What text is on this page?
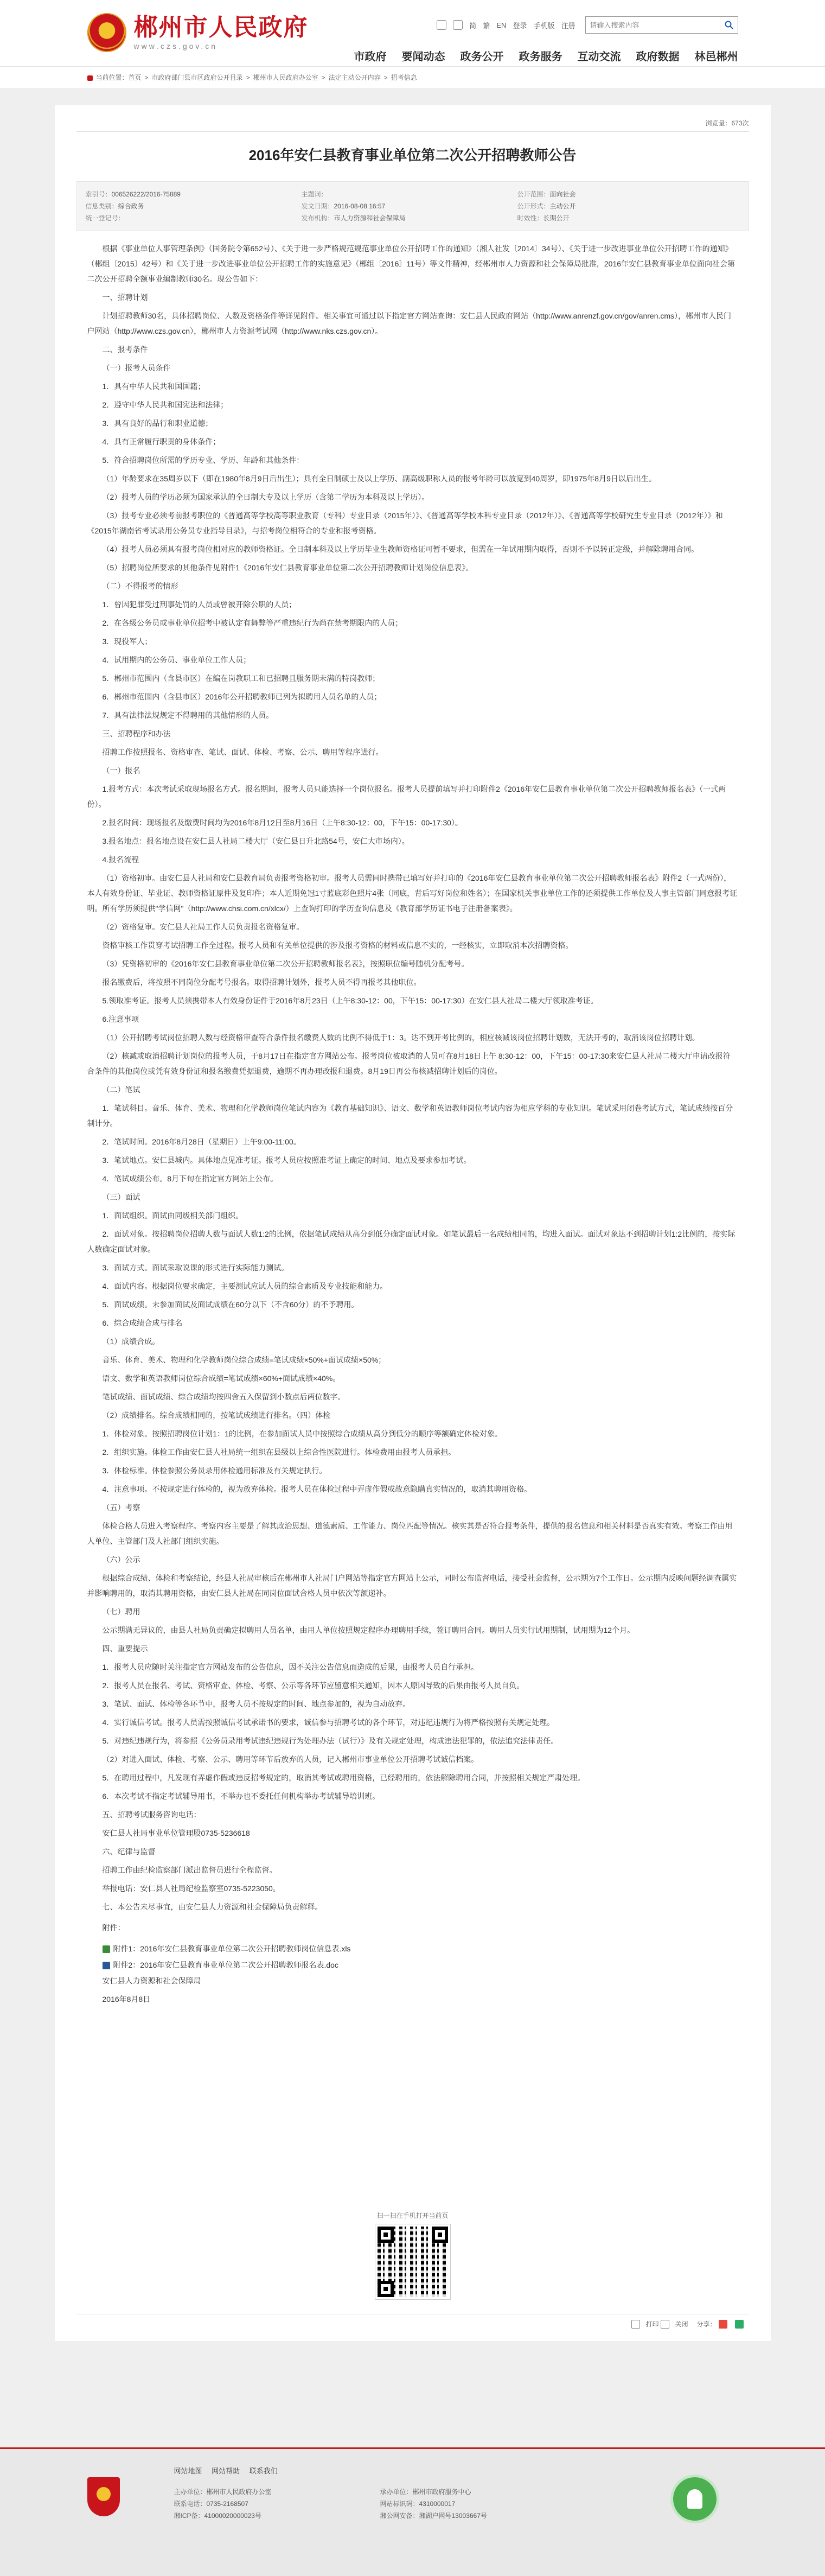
郴州市人民政府
www.czs.gov.cn
简 繁 EN 登录 手机版 注册
请输入搜索内容
市政府 要闻动态 政务公开 政务服务 互动交流 政府数据 林邑郴州
当前位置：首页 > 市政府部门县市区政府公开目录 > 郴州市人民政府办公室 > 法定主动公开内容 > 招考信息
浏览量：673次
2016年安仁县教育事业单位第二次公开招聘教师公告
索引号：006526222/2016-75889	主题词：	公开范围：面向社会
信息类别：综合政务	发文日期：2016-08-08 16:57	公开形式：主动公开
统一登记号：	发布机构：市人力资源和社会保障局	时效性：长期公开

根据《事业单位人事管理条例》（国务院令第652号）、《关于进一步严格规范规范事业单位公开招聘工作的通知》（湘人社发〔2014〕34号）、《关于进一步改进事业单位公开招聘工作的通知》（郴组〔2015〕42号）和《关于进一步改进事业单位公开招聘工作的实施意见》（郴组〔2016〕11号）等文件精神，经郴州市人力资源和社会保障局批准，2016年安仁县教育事业单位面向社会第二次公开招聘全额事业编制教师30名。现公告如下：

一、招聘计划

计划招聘教师30名，具体招聘岗位、人数及资格条件等详见附件。相关事宜可通过以下指定官方网站查询：安仁县人民政府网站（http://www.anrenzf.gov.cn/gov/anren.cms），郴州市人民门户网站（http://www.czs.gov.cn），郴州市人力资源考试网（http://www.nks.czs.gov.cn）。

二、报考条件

（一）报考人员条件

1．具有中华人民共和国国籍；

2．遵守中华人民共和国宪法和法律；

3．具有良好的品行和职业道德；

4．具有正常履行职责的身体条件；

5．符合招聘岗位所需的学历专业、学历、年龄和其他条件：

（1）年龄要求在35周岁以下（即在1980年8月9日后出生）；具有全日制硕士及以上学历、副高级职称人员的报考年龄可以放宽到40周岁，即1975年8月9日以后出生。

（2）报考人员的学历必须为国家承认的全日制大专及以上学历（含第二学历为本科及以上学历）。

（3）报考专业必须考前报考职位的《普通高等学校高等职业教育（专科）专业目录（2015年）》、《普通高等学校本科专业目录（2012年）》、《普通高等学校研究生专业目录（2012年）》和《2015年湖南省考试录用公务员专业指导目录》，与招考岗位相符合的专业和报考资格。

（4）报考人员必须具有报考岗位相对应的教师资格证。全日制本科及以上学历毕业生教师资格证可暂不要求，但需在一年试用期内取得，否则不予以转正定级，并解除聘用合同。

（5）招聘岗位所要求的其他条件见附件1《2016年安仁县教育事业单位第二次公开招聘教师计划岗位信息表》。

（二）不得报考的情形

1．曾因犯罪受过刑事处罚的人员或曾被开除公职的人员；

2．在各级公务员或事业单位招考中被认定有舞弊等严重违纪行为尚在禁考期限内的人员；

3．现役军人；

4．试用期内的公务员、事业单位工作人员；

5．郴州市范围内（含县市区）在编在岗教职工和已招聘且服务期未满的特岗教师；

6．郴州市范围内（含县市区）2016年公开招聘教师已列为拟聘用人员名单的人员；

7．具有法律法规规定不得聘用的其他情形的人员。

三、招聘程序和办法

招聘工作按照报名、资格审查、笔试、面试、体检、考察、公示、聘用等程序进行。

（一）报名

1.报考方式：本次考试采取现场报名方式。报名期间，报考人员只能选择一个岗位报名。报考人员提前填写并打印附件2《2016年安仁县教育事业单位第二次公开招聘教师报名表》（一式两份）。

2.报名时间：现场报名及缴费时间均为2016年8月12日至8月16日（上午8:30-12：00，下午15：00-17:30）。

3.报名地点：报名地点设在安仁县人社局二楼大厅（安仁县日升北路54号，安仁大市场内）。

4.报名流程

（1）资格初审。由安仁县人社局和安仁县教育局负责报考资格初审。报考人员需同时携带已填写好并打印的《2016年安仁县教育事业单位第二次公开招聘教师报名表》附件2（一式两份），本人有效身份证、毕业证、教师资格证原件及复印件；本人近期免冠1寸蓝底彩色照片4张（同底，背后写好岗位和姓名）；在国家机关事业单位工作的还须提供工作单位及人事主管部门同意报考证明。所有学历须提供"学信网"（http://www.chsi.com.cn/xlcx/）上查询打印的学历查询信息及《教育部学历证书电子注册备案表》。

（2）资格复审。安仁县人社局工作人员负责报名资格复审。

资格审核工作贯穿考试招聘工作全过程。报考人员和有关单位提供的涉及报考资格的材料或信息不实的，一经核实，立即取消本次招聘资格。

（3）凭资格初审的《2016年安仁县教育事业单位第二次公开招聘教师报名表》，按照职位编号随机分配考号。

报名缴费后，将按照不同岗位分配考号报名。取得招聘计划外，报考人员不得再报考其他职位。

5.领取准考证。报考人员须携带本人有效身份证件于2016年8月23日（上午8:30-12：00，下午15：00-17:30）在安仁县人社局二楼大厅领取准考证。

6.注意事项

（1）公开招聘考试岗位招聘人数与经资格审查符合条件报名缴费人数的比例不得低于1：3。达不到开考比例的，相应核减该岗位招聘计划数，无法开考的，取消该岗位招聘计划。

（2）核减或取消招聘计划岗位的报考人员，于8月17日在指定官方网站公布。报考岗位被取消的人员可在8月18日上午 8:30-12：00，下午15：00-17:30来安仁县人社局二楼大厅申请改报符合条件的其他岗位或凭有效身份证和报名缴费凭据退费，逾期不再办理改报和退费。8月19日再公布核减招聘计划后的岗位。

（二）笔试

1．笔试科目。音乐、体育、美术、物理和化学教师岗位笔试内容为《教育基础知识》、语文、数学和英语教师岗位考试内容为相应学科的专业知识。笔试采用闭卷考试方式，笔试成绩按百分制计分。

2．笔试时间。2016年8月28日（星期日）上午9:00-11:00。

3．笔试地点。安仁县城内。具体地点见准考证。报考人员应按照准考证上确定的时间、地点及要求参加考试。

4．笔试成绩公布。8月下旬在指定官方网站上公布。

（三）面试

1．面试组织。面试由同级相关部门组织。

2．面试对象。按招聘岗位招聘人数与面试人数1:2的比例，依据笔试成绩从高分到低分确定面试对象。如笔试最后一名成绩相同的，均进入面试。面试对象达不到招聘计划1:2比例的，按实际人数确定面试对象。

3．面试方式。面试采取说课的形式进行实际能力测试。

4．面试内容。根据岗位要求确定，主要测试应试人员的综合素质及专业技能和能力。

5．面试成绩。未参加面试及面试成绩在60分以下（不含60分）的不予聘用。

6．综合成绩合成与排名

（1）成绩合成。

音乐、体育、美术、物理和化学教师岗位综合成绩=笔试成绩×50%+面试成绩×50%；

语文、数学和英语教师岗位综合成绩=笔试成绩×60%+面试成绩×40%。

笔试成绩、面试成绩、综合成绩均按四舍五入保留到小数点后两位数字。

（2）成绩排名。综合成绩相同的，按笔试成绩进行排名。（四）体检

1．体检对象。按照招聘岗位计划1：1的比例，在参加面试人员中按照综合成绩从高分到低分的顺序等额确定体检对象。

2．组织实施。体检工作由安仁县人社局统一组织在县级以上综合性医院进行。体检费用由报考人员承担。

3．体检标准。体检参照公务员录用体检通用标准及有关规定执行。

4．注意事项。不按规定进行体检的，视为放弃体检。报考人员在体检过程中弄虚作假或故意隐瞒真实情况的，取消其聘用资格。

（五）考察

体检合格人员进入考察程序。考察内容主要是了解其政治思想、道德素质、工作能力、岗位匹配等情况。核实其是否符合报考条件，提供的报名信息和相关材料是否真实有效。考察工作由用人单位、主管部门及人社部门组织实施。

（六）公示

根据综合成绩、体检和考察结论，经县人社局审核后在郴州市人社局门户网站等指定官方网站上公示，同时公布监督电话，接受社会监督，公示期为7个工作日。公示期内反映问题经调查属实并影响聘用的，取消其聘用资格，由安仁县人社局在同岗位面试合格人员中依次等额递补。

（七）聘用

公示期满无异议的，由县人社局负责确定拟聘用人员名单，由用人单位按照规定程序办理聘用手续，签订聘用合同。聘用人员实行试用期制，试用期为12个月。

四、重要提示

1．报考人员应随时关注指定官方网站发布的公告信息，因不关注公告信息而造成的后果，由报考人员自行承担。

2．报考人员在报名、考试、资格审查、体检、考察、公示等各环节应留意相关通知，因本人原因导致的后果由报考人员自负。

3．笔试、面试、体检等各环节中，报考人员不按规定的时间、地点参加的，视为自动放弃。

4．实行诚信考试。报考人员需按照诚信考试承诺书的要求，诚信参与招聘考试的各个环节，对违纪违规行为将严格按照有关规定处理。

5．对违纪违规行为，将参照《公务员录用考试违纪违规行为处理办法（试行）》及有关规定处理，构成违法犯罪的，依法追究法律责任。

（2）对进入面试、体检、考察、公示、聘用等环节后放弃的人员，记入郴州市事业单位公开招聘考试诚信档案。

5．在聘用过程中，凡发现有弄虚作假或违反招考规定的，取消其考试或聘用资格，已经聘用的，依法解除聘用合同，并按照相关规定严肃处理。

6．本次考试不指定考试辅导用书，不举办也不委托任何机构举办考试辅导培训班。

五、招聘考试服务咨询电话：

安仁县人社局事业单位管理股0735-5236618

六、纪律与监督

招聘工作由纪检监察部门派出监督员进行全程监督。

举报电话：安仁县人社局纪检监察室0735-5223050。

七、本公告未尽事宜，由安仁县人力资源和社会保障局负责解释。

附件：

附件1：2016年安仁县教育事业单位第二次公开招聘教师岗位信息表.xls
附件2：2016年安仁县教育事业单位第二次公开招聘教师报名表.doc

安仁县人力资源和社会保障局

2016年8月8日

扫一扫在手机打开当前页
打印	关闭 分享：
网站地图 网站帮助 联系我们
主办单位：郴州市人民政府办公室	承办单位：郴州市政府服务中心
联系电话：0735-2168507	网站标识码：4310000017
湘ICP备：41000020000023号	湘公网安备：湘湖户网号13003667号
